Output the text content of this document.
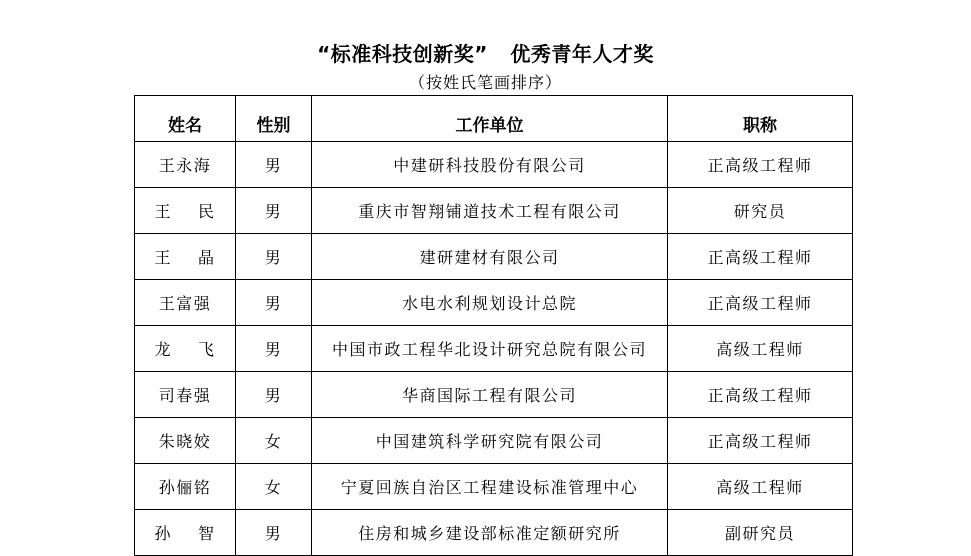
“标准科技创新奖”   优秀青年人才奖
（按姓氏笔画排序）
姓名	性别	工作单位	职称
王永海	男	中建研科技股份有限公司	正高级工程师
王 民	男	重庆市智翔铺道技术工程有限公司	研究员
王 晶	男	建研建材有限公司	正高级工程师
王富强	男	水电水利规划设计总院	正高级工程师
龙 飞	男	中国市政工程华北设计研究总院有限公司	高级工程师
司春强	男	华商国际工程有限公司	正高级工程师
朱晓姣	女	中国建筑科学研究院有限公司	正高级工程师
孙俪铭	女	宁夏回族自治区工程建设标准管理中心	高级工程师
孙 智	男	住房和城乡建设部标准定额研究所	副研究员
